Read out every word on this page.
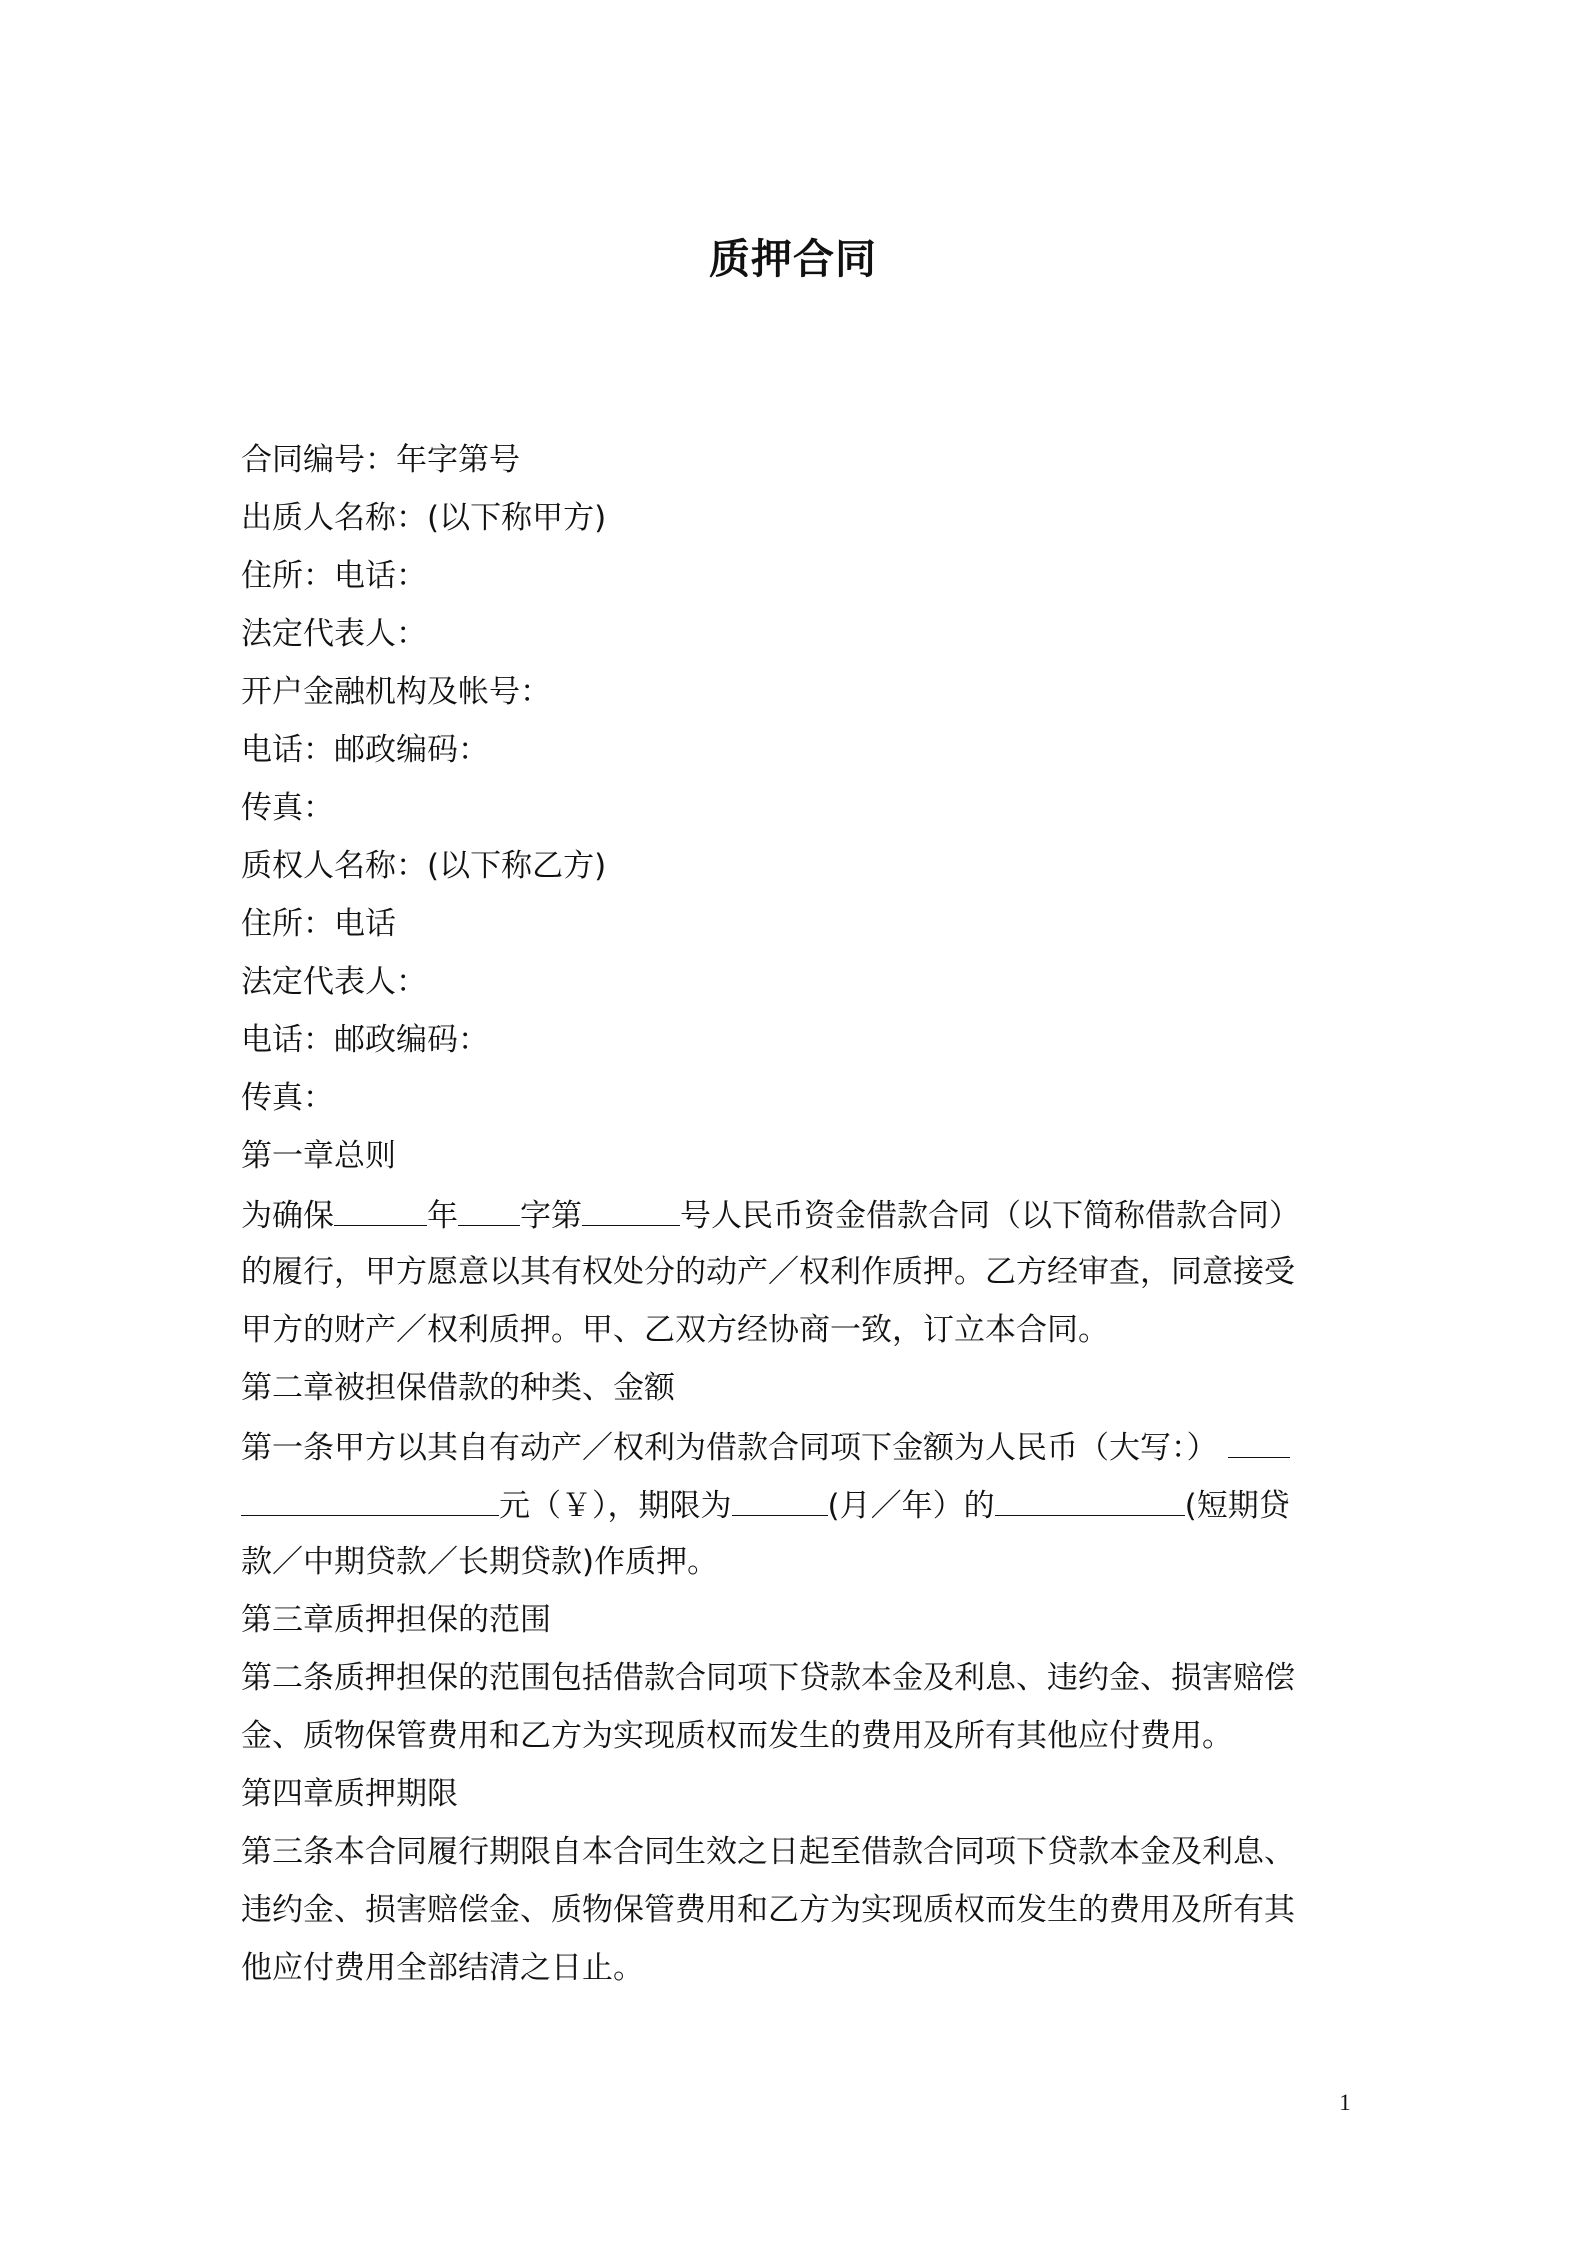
质押合同
合同编号：年字第号
出质人名称：(以下称甲方)
住所：电话：
法定代表人：
开户金融机构及帐号：
电话：邮政编码：
传真：
质权人名称：(以下称乙方)
住所：电话
法定代表人：
电话：邮政编码：
传真：
第一章总则
为确保	年 字第	号人民币资金借款合同（以下简称借款合同）
的履行，甲方愿意以其有权处分的动产／权利作质押。乙方经审查，同意接受
甲方的财产／权利质押。甲、乙双方经协商一致，订立本合同。
第二章被担保借款的种类、金额
第一条甲方以其自有动产／权利为借款合同项下金额为人民币（大写：）
元（￥），期限为	(月／年）的	(短期贷
款／中期贷款／长期贷款)作质押。
第三章质押担保的范围
第二条质押担保的范围包括借款合同项下贷款本金及利息、违约金、损害赔偿
金、质物保管费用和乙方为实现质权而发生的费用及所有其他应付费用。
第四章质押期限
第三条本合同履行期限自本合同生效之日起至借款合同项下贷款本金及利息、
违约金、损害赔偿金、质物保管费用和乙方为实现质权而发生的费用及所有其
他应付费用全部结清之日止。
1
